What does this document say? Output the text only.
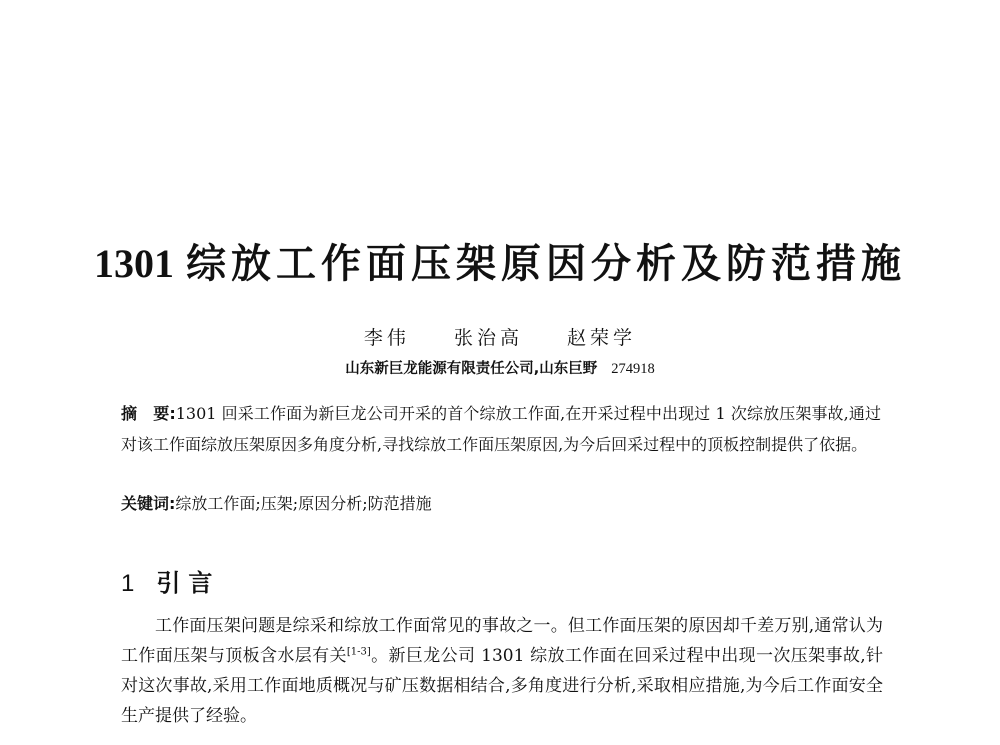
1301 综放工作面压架原因分析及防范措施
李伟 张治高 赵荣学
山东新巨龙能源有限责任公司,山东巨野 274918
摘　要:1301 回采工作面为新巨龙公司开采的首个综放工作面,在开采过程中出现过 1 次综放压架事故,通过对该工作面综放压架原因多角度分析,寻找综放工作面压架原因,为今后回采过程中的顶板控制提供了依据。
关键词:综放工作面;压架;原因分析;防范措施
1 引言
工作面压架问题是综采和综放工作面常见的事故之一。但工作面压架的原因却千差万别,通常认为工作面压架与顶板含水层有关[1-3]。新巨龙公司 1301 综放工作面在回采过程中出现一次压架事故,针对这次事故,采用工作面地质概况与矿压数据相结合,多角度进行分析,采取相应措施,为今后工作面安全生产提供了经验。
